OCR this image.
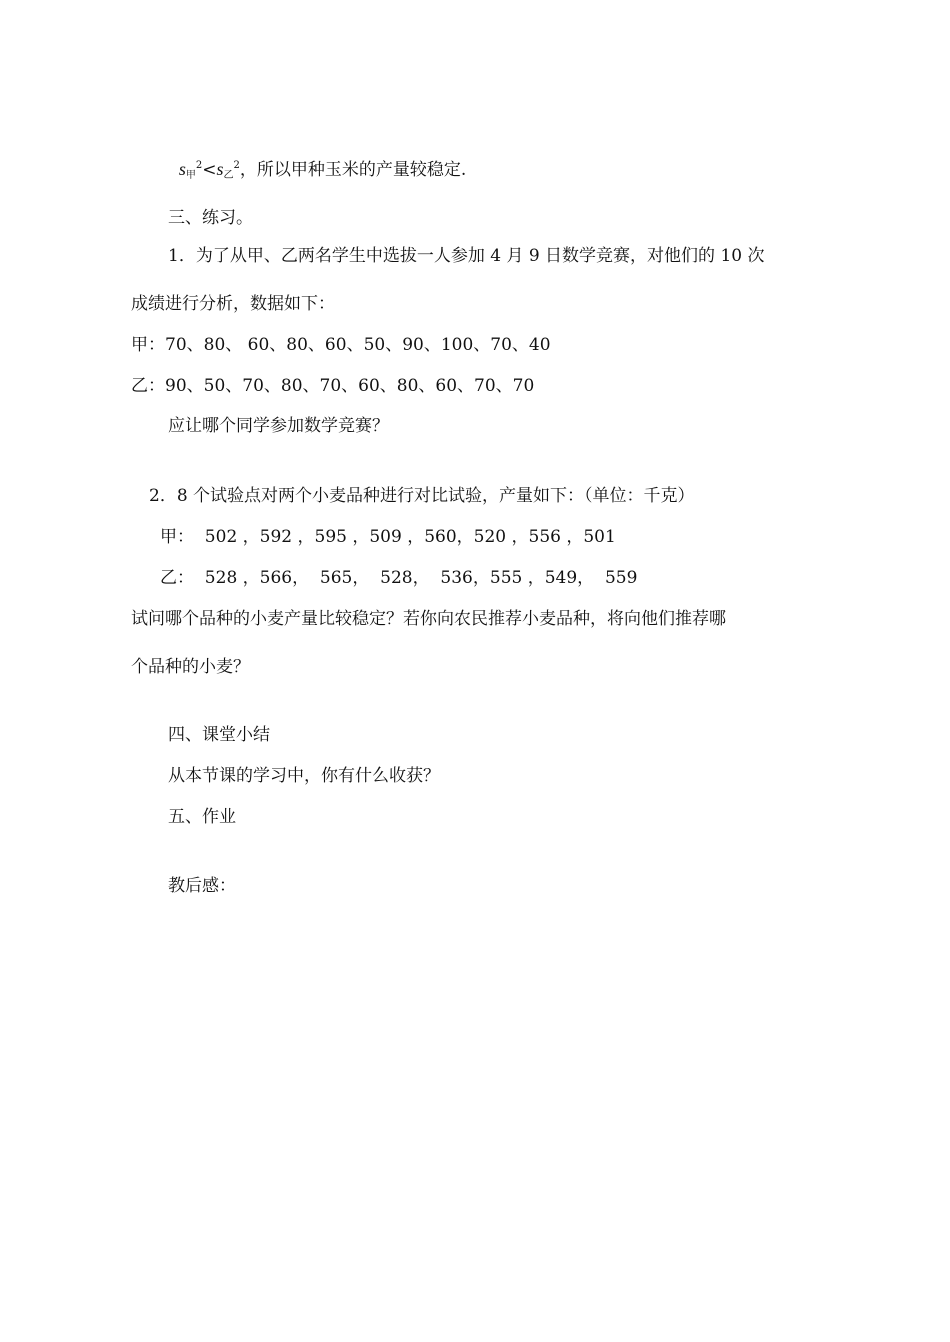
s甲$^2$<s乙$^2$，所以甲种玉米的产量较稳定.

三、练习。
1．为了从甲、乙两名学生中选拔一人参加 4 月 9 日数学竞赛，对他们的 10 次
成绩进行分析，数据如下：
甲：70、80、 60、80、60、50、90、100、70、40
乙：90、50、70、80、70、60、80、60、70、70
应让哪个同学参加数学竞赛？
2．8 个试验点对两个小麦品种进行对比试验，产量如下：（单位：千克）
甲：  502 ，592 ，595 ，509 ，560，520 ，556 ，501
乙：  528 ，566，  565，  528，  536，555 ，549，  559
试问哪个品种的小麦产量比较稳定？若你向农民推荐小麦品种，将向他们推荐哪
个品种的小麦？
四、课堂小结
从本节课的学习中，你有什么收获？
五、作业
教后感：
